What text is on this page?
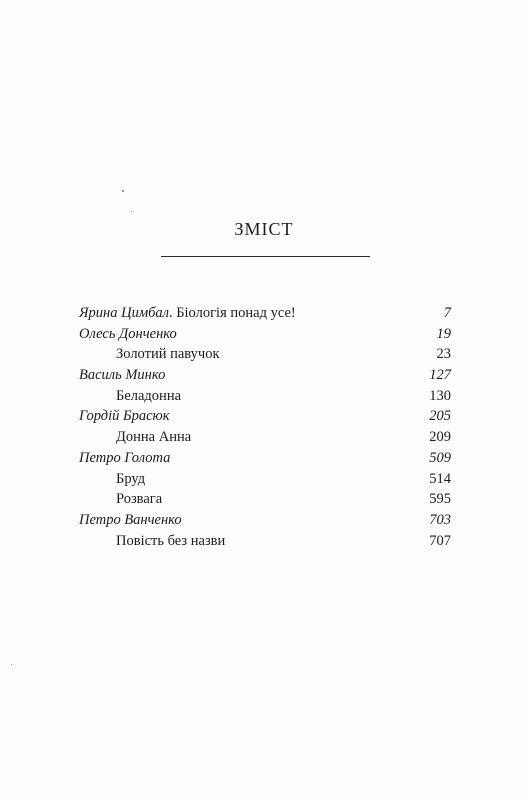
ЗМІСТ
Ярина Цимбал. Біологія понад усе!	7
Олесь Донченко	19
Золотий павучок	23
Василь Минко	127
Беладонна	130
Гордій Брасюк	205
Донна Анна	209
Петро Голота	509
Бруд	514
Розвага	595
Петро Ванченко	703
Повість без назви	707
